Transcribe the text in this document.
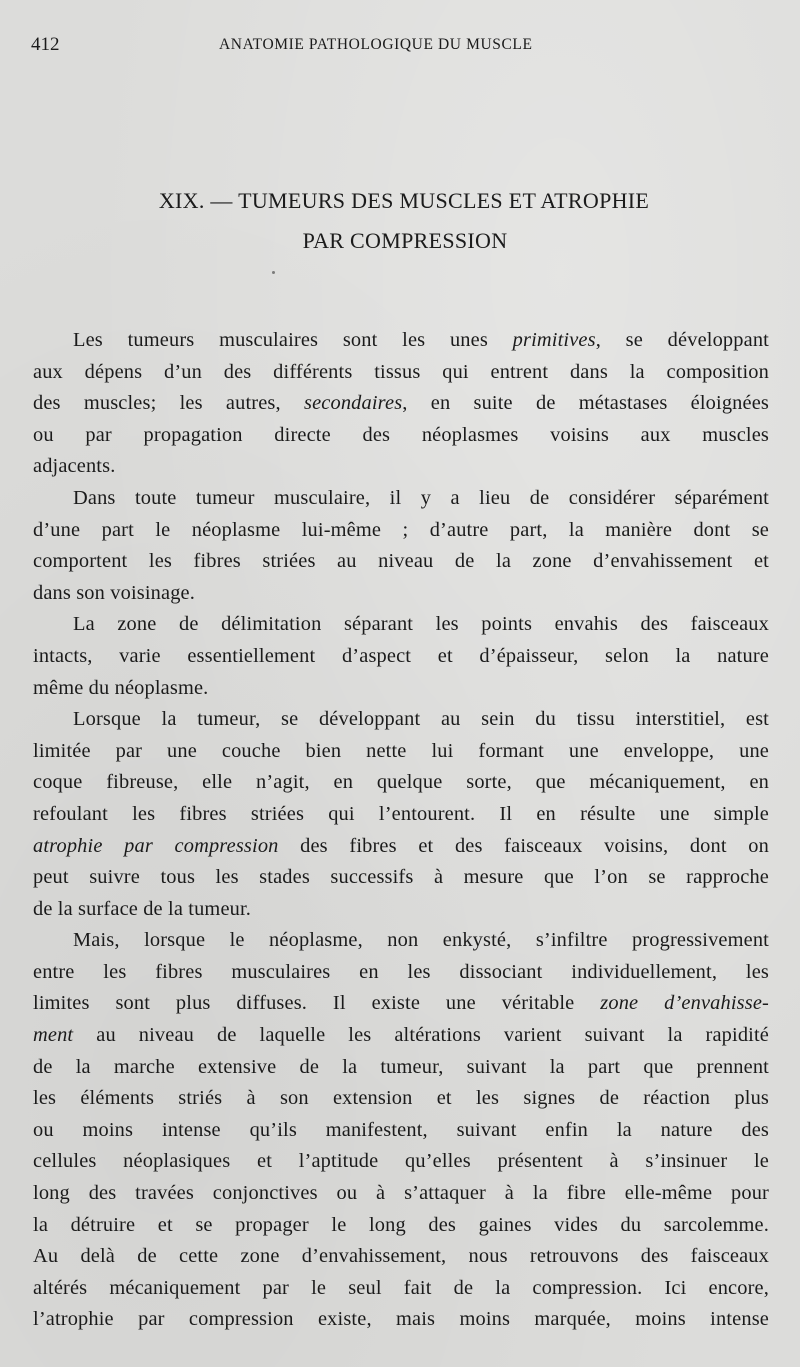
412	ANATOMIE PATHOLOGIQUE DU MUSCLE
XIX. — TUMEURS DES MUSCLES ET ATROPHIE
PAR COMPRESSION
Les tumeurs musculaires sont les unes primitives, se développant
aux dépens d’un des différents tissus qui entrent dans la composition
des muscles; les autres, secondaires, en suite de métastases éloignées
ou par propagation directe des néoplasmes voisins aux muscles
adjacents.
Dans toute tumeur musculaire, il y a lieu de considérer séparément
d’une part le néoplasme lui-même ; d’autre part, la manière dont se
comportent les fibres striées au niveau de la zone d’envahissement et
dans son voisinage.
La zone de délimitation séparant les points envahis des faisceaux
intacts, varie essentiellement d’aspect et d’épaisseur, selon la nature
même du néoplasme.
Lorsque la tumeur, se développant au sein du tissu interstitiel, est
limitée par une couche bien nette lui formant une enveloppe, une
coque fibreuse, elle n’agit, en quelque sorte, que mécaniquement, en
refoulant les fibres striées qui l’entourent. Il en résulte une simple
atrophie par compression des fibres et des faisceaux voisins, dont on
peut suivre tous les stades successifs à mesure que l’on se rapproche
de la surface de la tumeur.
Mais, lorsque le néoplasme, non enkysté, s’infiltre progressivement
entre les fibres musculaires en les dissociant individuellement, les
limites sont plus diffuses. Il existe une véritable zone d’envahisse-
ment au niveau de laquelle les altérations varient suivant la rapidité
de la marche extensive de la tumeur, suivant la part que prennent
les éléments striés à son extension et les signes de réaction plus
ou moins intense qu’ils manifestent, suivant enfin la nature des
cellules néoplasiques et l’aptitude qu’elles présentent à s’insinuer le
long des travées conjonctives ou à s’attaquer à la fibre elle-même pour
la détruire et se propager le long des gaines vides du sarcolemme.
Au delà de cette zone d’envahissement, nous retrouvons des faisceaux
altérés mécaniquement par le seul fait de la compression. Ici encore,
l’atrophie par compression existe, mais moins marquée, moins intense
